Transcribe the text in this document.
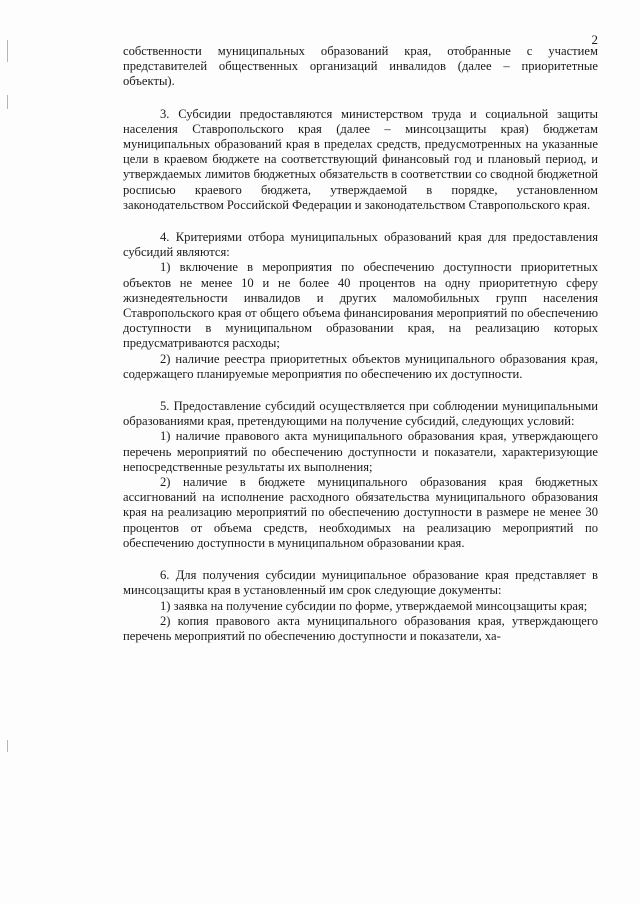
2

собственности муниципальных образований края, отобранные с участием представителей общественных организаций инвалидов (далее – приоритетные объекты).

3. Субсидии предоставляются министерством труда и социальной защиты населения Ставропольского края (далее – минсоцзащиты края) бюджетам муниципальных образований края в пределах средств, предусмотренных на указанные цели в краевом бюджете на соответствующий финансовый год и плановый период, и утверждаемых лимитов бюджетных обязательств в соответствии со сводной бюджетной росписью краевого бюджета, утверждаемой в порядке, установленном законодательством Российской Федерации и законодательством Ставропольского края.

4. Критериями отбора муниципальных образований края для предоставления субсидий являются:

1) включение в мероприятия по обеспечению доступности приоритетных объектов не менее 10 и не более 40 процентов на одну приоритетную сферу жизнедеятельности инвалидов и других маломобильных групп населения Ставропольского края от общего объема финансирования мероприятий по обеспечению доступности в муниципальном образовании края, на реализацию которых предусматриваются расходы;

2) наличие реестра приоритетных объектов муниципального образования края, содержащего планируемые мероприятия по обеспечению их доступности.

5. Предоставление субсидий осуществляется при соблюдении муниципальными образованиями края, претендующими на получение субсидий, следующих условий:

1) наличие правового акта муниципального образования края, утверждающего перечень мероприятий по обеспечению доступности и показатели, характеризующие непосредственные результаты их выполнения;

2) наличие в бюджете муниципального образования края бюджетных ассигнований на исполнение расходного обязательства муниципального образования края на реализацию мероприятий по обеспечению доступности в размере не менее 30 процентов от объема средств, необходимых на реализацию мероприятий по обеспечению доступности в муниципальном образовании края.

6. Для получения субсидии муниципальное образование края представляет в минсоцзащиты края в установленный им срок следующие документы:

1) заявка на получение субсидии по форме, утверждаемой минсоцзащиты края;

2) копия правового акта муниципального образования края, утверждающего перечень мероприятий по обеспечению доступности и показатели, ха-
